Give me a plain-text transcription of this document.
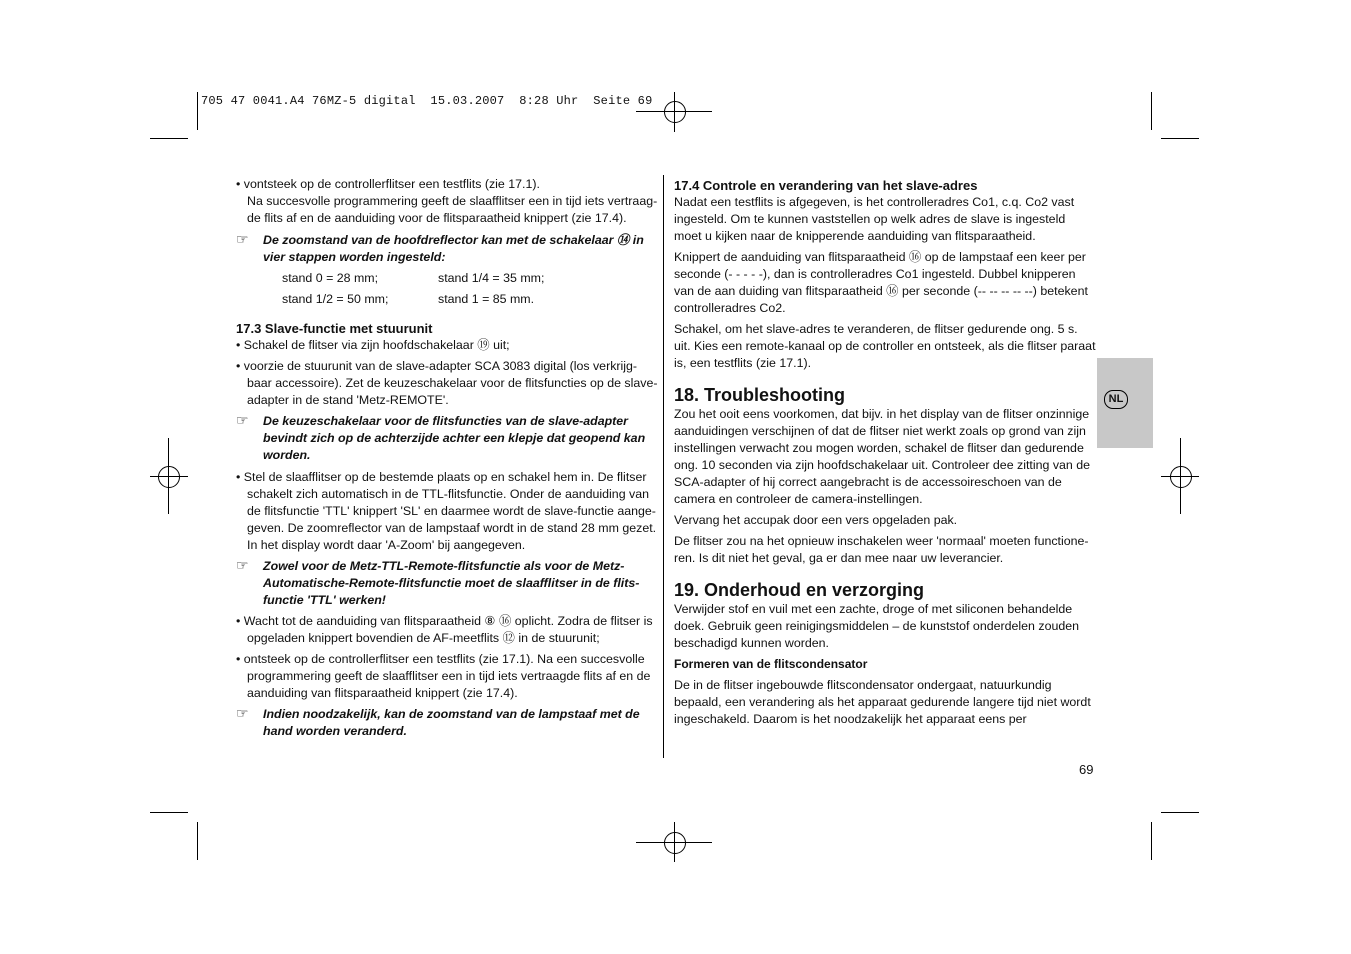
705 47 0041.A4 76MZ-5 digital  15.03.2007  8:28 Uhr  Seite 69

• vontsteek op de controllerflitser een testflits (zie 17.1).

Na succesvolle programmering geeft de slaafflitser een in tijd iets vertraag-de flits af en de aanduiding voor de flitsparaatheid knippert (zie 17.4).

☞ De zoomstand van de hoofdreflector kan met de schakelaar ⑭ in vier stappen worden ingesteld:
stand 0 = 28 mm;	stand 1/4 = 35 mm;
stand 1/2 = 50 mm;	stand 1 = 85 mm.

17.3 Slave-functie met stuurunit

• Schakel de flitser via zijn hoofdschakelaar ⑲ uit;

• voorzie de stuurunit van de slave-adapter SCA 3083 digital (los verkrijg-baar accessoire). Zet de keuzeschakelaar voor de flitsfuncties op de slave-adapter in de stand 'Metz-REMOTE'.

☞ De keuzeschakelaar voor de flitsfuncties van de slave-adapter bevindt zich op de achterzijde achter een klepje dat geopend kan worden.

• Stel de slaafflitser op de bestemde plaats op en schakel hem in. De flitser schakelt zich automatisch in de TTL-flitsfunctie. Onder de aanduiding van de flitsfunctie 'TTL' knippert 'SL' en daarmee wordt de slave-functie aange-geven. De zoomreflector van de lampstaaf wordt in de stand 28 mm gezet. In het display wordt daar 'A-Zoom' bij aangegeven.

☞ Zowel voor de Metz-TTL-Remote-flitsfunctie als voor de Metz-Automatische-Remote-flitsfunctie moet de slaafflitser in de flits-functie 'TTL' werken!

• Wacht tot de aanduiding van flitsparaatheid ⑧ ⑯ oplicht. Zodra de flitser is opgeladen knippert bovendien de AF-meetflits ⑫ in de stuurunit;

• ontsteek op de controllerflitser een testflits (zie 17.1). Na een succesvolle programmering geeft de slaafflitser een in tijd iets vertraagde flits af en de aanduiding van flitsparaatheid knippert (zie 17.4).

☞ Indien noodzakelijk, kan de zoomstand van de lampstaaf met de hand worden veranderd.

17.4 Controle en verandering van het slave-adres

Nadat een testflits is afgegeven, is het controlleradres Co1, c.q. Co2 vast ingesteld. Om te kunnen vaststellen op welk adres de slave is ingesteld moet u kijken naar de knipperende aanduiding van flitsparaatheid.

Knippert de aanduiding van flitsparaatheid ⑯ op de lampstaaf een keer per seconde (- - - - -), dan is controlleradres Co1 ingesteld. Dubbel knipperen van de aan duiding van flitsparaatheid ⑯ per seconde (-- -- -- -- --) betekent controlleradres Co2.

Schakel, om het slave-adres te veranderen, de flitser gedurende ong. 5 s. uit. Kies een remote-kanaal op de controller en ontsteek, als die flitser paraat is, een testflits (zie 17.1).

18. Troubleshooting

Zou het ooit eens voorkomen, dat bijv. in het display van de flitser onzinnige aanduidingen verschijnen of dat de flitser niet werkt zoals op grond van zijn instellingen verwacht zou mogen worden, schakel de flitser dan gedurende ong. 10 seconden via zijn hoofdschakelaar uit. Controleer dee zitting van de SCA-adapter of hij correct aangebracht is de accessoireschoen van de camera en controleer de camera-instellingen.

Vervang het accupak door een vers opgeladen pak.

De flitser zou na het opnieuw inschakelen weer 'normaal' moeten functione-ren. Is dit niet het geval, ga er dan mee naar uw leverancier.

19. Onderhoud en verzorging

Verwijder stof en vuil met een zachte, droge of met siliconen behandelde doek. Gebruik geen reinigingsmiddelen – de kunststof onderdelen zouden beschadigd kunnen worden.

Formeren van de flitscondensator

De in de flitser ingebouwde flitscondensator ondergaat, natuurkundig bepaald, een verandering als het apparaat gedurende langere tijd niet wordt ingeschakeld. Daarom is het noodzakelijk het apparaat eens per

NL
69
